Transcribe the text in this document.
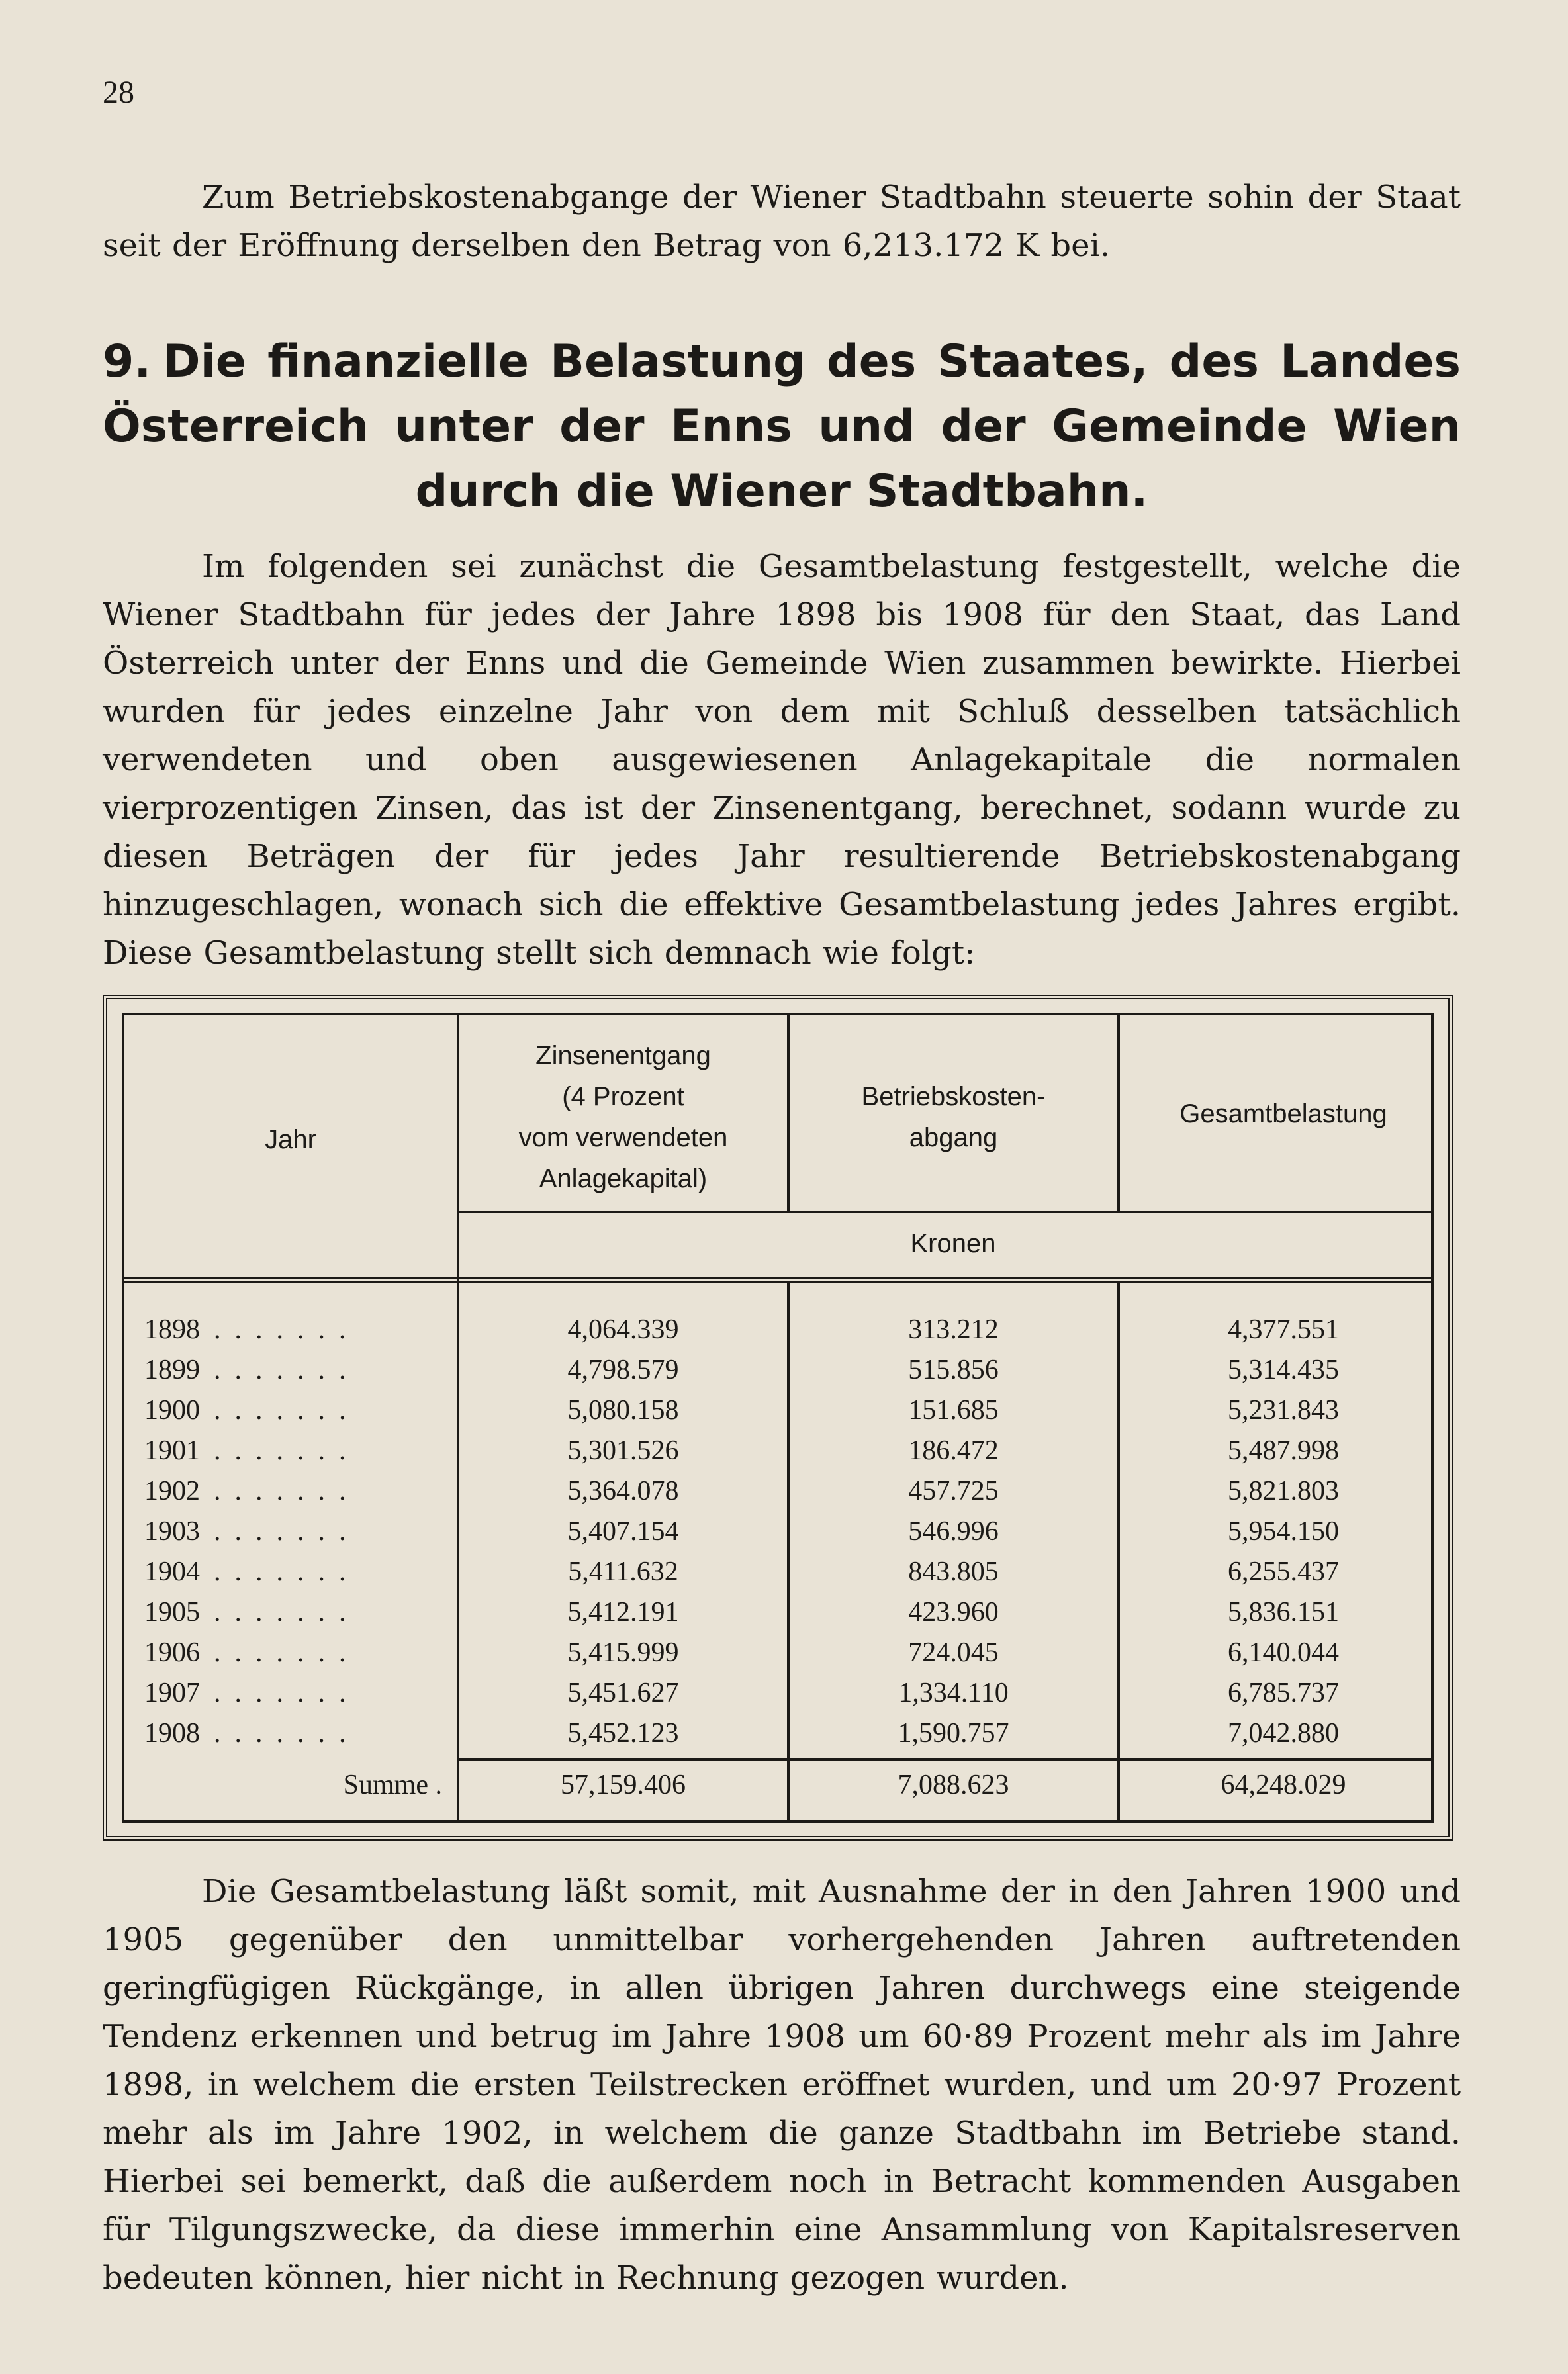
28

Zum Betriebskostenabgange der Wiener Stadtbahn steuerte sohin der Staat seit der Eröffnung derselben den Betrag von 6,213.172 K bei.

9. Die finanzielle Belastung des Staates, des Landes Österreich unter der Enns und der Gemeinde Wien durch die Wiener Stadtbahn.

Im folgenden sei zunächst die Gesamtbelastung festgestellt, welche die Wiener Stadtbahn für jedes der Jahre 1898 bis 1908 für den Staat, das Land Österreich unter der Enns und die Gemeinde Wien zusammen bewirkte. Hierbei wurden für jedes einzelne Jahr von dem mit Schluß desselben tatsächlich verwendeten und oben ausgewiesenen Anlagekapitale die normalen vierprozentigen Zinsen, das ist der Zinsenentgang, berechnet, sodann wurde zu diesen Beträgen der für jedes Jahr resultierende Betriebskostenabgang hinzugeschlagen, wonach sich die effektive Gesamtbelastung jedes Jahres ergibt. Diese Gesamtbelastung stellt sich demnach wie folgt:

Jahr
Zinsenentgang
(4 Prozent
vom verwendeten
Anlagekapital)
Betriebskosten-
abgang
Gesamtbelastung
Kronen
1898  .  .  .  .  .  .  .	4,064.339	313.212	4,377.551
1899  .  .  .  .  .  .  .	4,798.579	515.856	5,314.435
1900  .  .  .  .  .  .  .	5,080.158	151.685	5,231.843
1901  .  .  .  .  .  .  .	5,301.526	186.472	5,487.998
1902  .  .  .  .  .  .  .	5,364.078	457.725	5,821.803
1903  .  .  .  .  .  .  .	5,407.154	546.996	5,954.150
1904  .  .  .  .  .  .  .	5,411.632	843.805	6,255.437
1905  .  .  .  .  .  .  .	5,412.191	423.960	5,836.151
1906  .  .  .  .  .  .  .	5,415.999	724.045	6,140.044
1907  .  .  .  .  .  .  .	5,451.627	1,334.110	6,785.737
1908  .  .  .  .  .  .  .	5,452.123	1,590.757	7,042.880
Summe .	57,159.406	7,088.623	64,248.029

Die Gesamtbelastung läßt somit, mit Ausnahme der in den Jahren 1900 und 1905 gegenüber den unmittelbar vorhergehenden Jahren auftretenden geringfügigen Rückgänge, in allen übrigen Jahren durchwegs eine steigende Tendenz erkennen und betrug im Jahre 1908 um 60·89 Prozent mehr als im Jahre 1898, in welchem die ersten Teilstrecken eröffnet wurden, und um 20·97 Prozent mehr als im Jahre 1902, in welchem die ganze Stadtbahn im Betriebe stand. Hierbei sei bemerkt, daß die außerdem noch in Betracht kommenden Ausgaben für Tilgungszwecke, da diese immerhin eine Ansammlung von Kapitalsreserven bedeuten können, hier nicht in Rechnung gezogen wurden.
